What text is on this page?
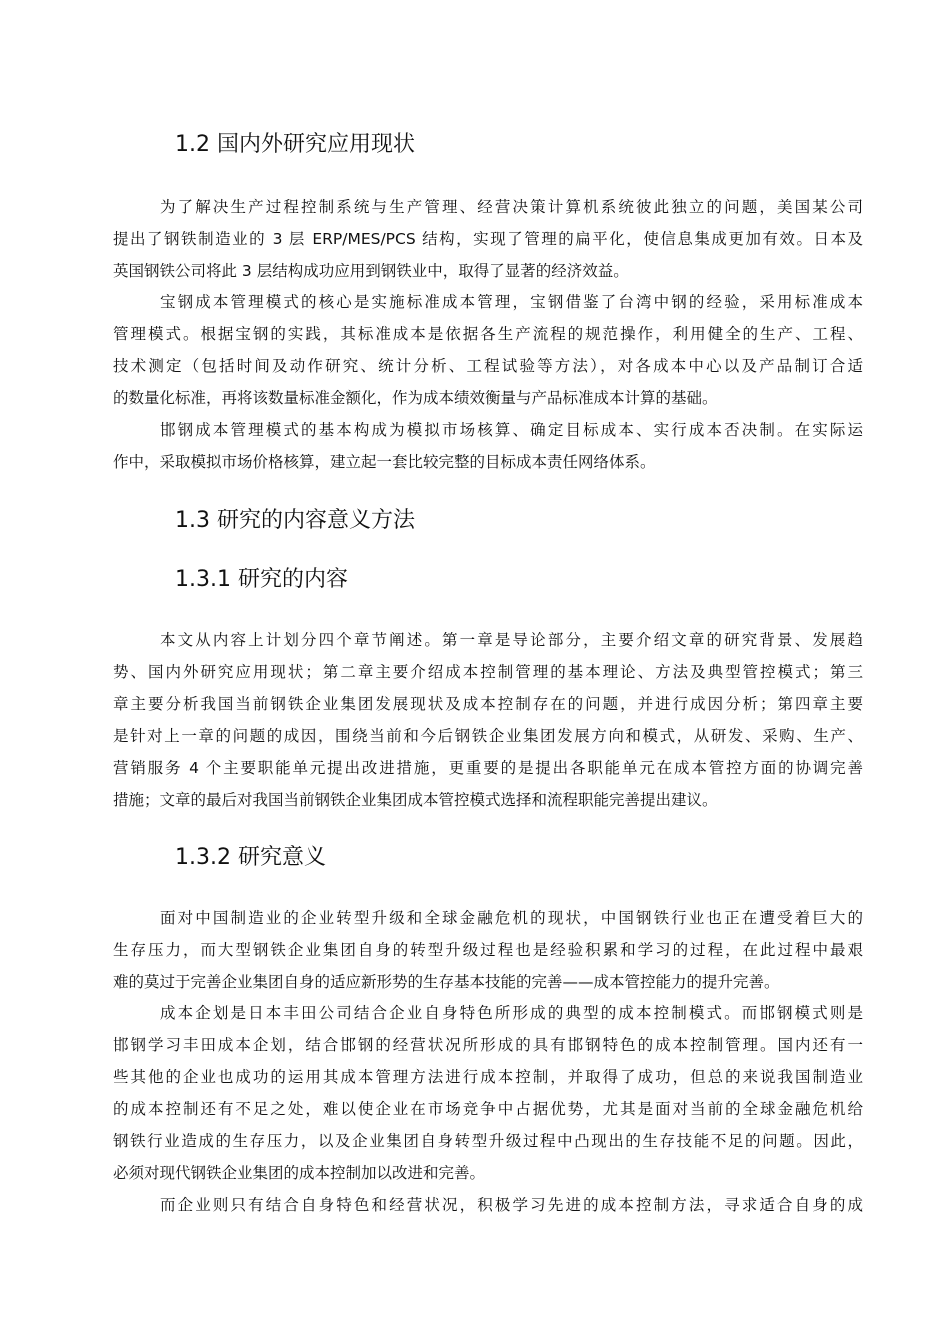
1.2 国内外研究应用现状
为了解决生产过程控制系统与生产管理、经营决策计算机系统彼此独立的问题，美国某公司
提出了钢铁制造业的 3 层 ERP/MES/PCS 结构，实现了管理的扁平化，使信息集成更加有效。日本及
英国钢铁公司将此 3 层结构成功应用到钢铁业中，取得了显著的经济效益。
宝钢成本管理模式的核心是实施标准成本管理，宝钢借鉴了台湾中钢的经验，采用标准成本
管理模式。根据宝钢的实践，其标准成本是依据各生产流程的规范操作，利用健全的生产、工程、
技术测定（包括时间及动作研究、统计分析、工程试验等方法），对各成本中心以及产品制订合适
的数量化标准，再将该数量标准金额化，作为成本绩效衡量与产品标准成本计算的基础。
邯钢成本管理模式的基本构成为模拟市场核算、确定目标成本、实行成本否决制。在实际运
作中，采取模拟市场价格核算，建立起一套比较完整的目标成本责任网络体系。
1.3 研究的内容意义方法
1.3.1 研究的内容
本文从内容上计划分四个章节阐述。第一章是导论部分，主要介绍文章的研究背景、发展趋
势、国内外研究应用现状；第二章主要介绍成本控制管理的基本理论、方法及典型管控模式；第三
章主要分析我国当前钢铁企业集团发展现状及成本控制存在的问题，并进行成因分析；第四章主要
是针对上一章的问题的成因，围绕当前和今后钢铁企业集团发展方向和模式，从研发、采购、生产、
营销服务 4 个主要职能单元提出改进措施，更重要的是提出各职能单元在成本管控方面的协调完善
措施；文章的最后对我国当前钢铁企业集团成本管控模式选择和流程职能完善提出建议。
1.3.2 研究意义
面对中国制造业的企业转型升级和全球金融危机的现状，中国钢铁行业也正在遭受着巨大的
生存压力，而大型钢铁企业集团自身的转型升级过程也是经验积累和学习的过程，在此过程中最艰
难的莫过于完善企业集团自身的适应新形势的生存基本技能的完善——成本管控能力的提升完善。
成本企划是日本丰田公司结合企业自身特色所形成的典型的成本控制模式。而邯钢模式则是
邯钢学习丰田成本企划，结合邯钢的经营状况所形成的具有邯钢特色的成本控制管理。国内还有一
些其他的企业也成功的运用其成本管理方法进行成本控制，并取得了成功，但总的来说我国制造业
的成本控制还有不足之处，难以使企业在市场竞争中占据优势，尤其是面对当前的全球金融危机给
钢铁行业造成的生存压力，以及企业集团自身转型升级过程中凸现出的生存技能不足的问题。因此，
必须对现代钢铁企业集团的成本控制加以改进和完善。
而企业则只有结合自身特色和经营状况，积极学习先进的成本控制方法，寻求适合自身的成
